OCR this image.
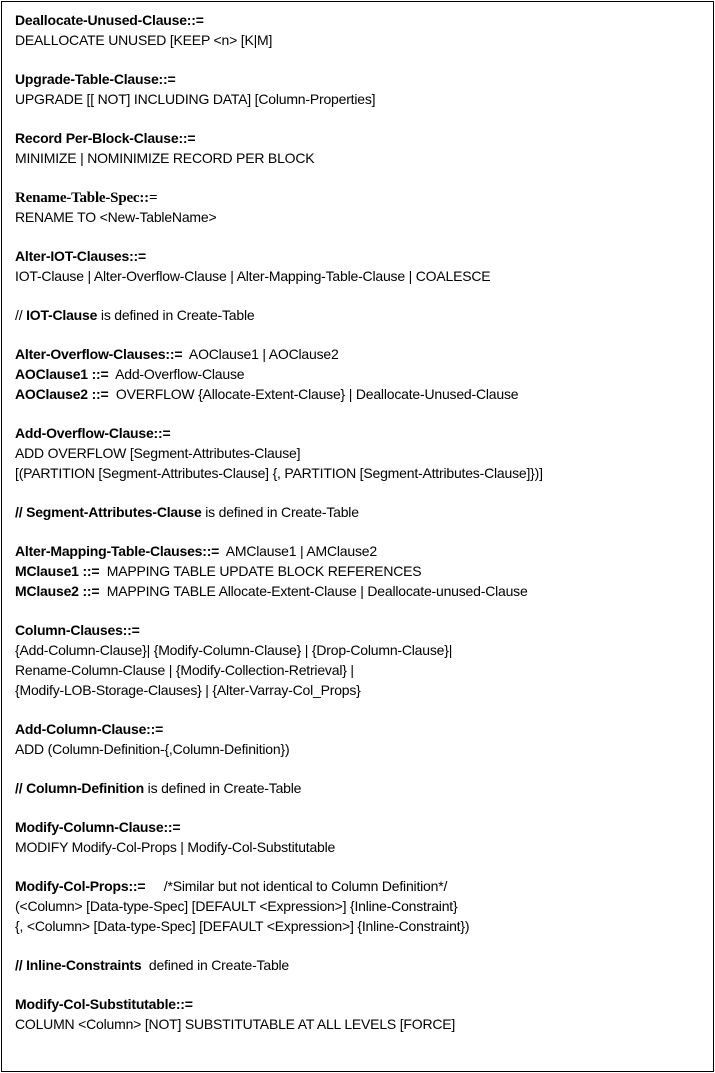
Deallocate-Unused-Clause::=
DEALLOCATE UNUSED [KEEP <n> [K|M]
Upgrade-Table-Clause::=
UPGRADE [[ NOT] INCLUDING DATA] [Column-Properties]
Record Per-Block-Clause::=
MINIMIZE | NOMINIMIZE RECORD PER BLOCK
Rename-Table-Spec::=
RENAME TO <New-TableName>
Alter-IOT-Clauses::=
IOT-Clause | Alter-Overflow-Clause | Alter-Mapping-Table-Clause | COALESCE
// IOT-Clause is defined in Create-Table
Alter-Overflow-Clauses::=  AOClause1 | AOClause2
AOClause1 ::=  Add-Overflow-Clause
AOClause2 ::=  OVERFLOW {Allocate-Extent-Clause} | Deallocate-Unused-Clause
Add-Overflow-Clause::=
ADD OVERFLOW [Segment-Attributes-Clause]
[(PARTITION [Segment-Attributes-Clause] {, PARTITION [Segment-Attributes-Clause]})]
// Segment-Attributes-Clause is defined in Create-Table
Alter-Mapping-Table-Clauses::=  AMClause1 | AMClause2
MClause1 ::=  MAPPING TABLE UPDATE BLOCK REFERENCES
MClause2 ::=  MAPPING TABLE Allocate-Extent-Clause | Deallocate-unused-Clause
Column-Clauses::=
{Add-Column-Clause}| {Modify-Column-Clause} | {Drop-Column-Clause}|
Rename-Column-Clause | {Modify-Collection-Retrieval} |
{Modify-LOB-Storage-Clauses} | {Alter-Varray-Col_Props}
Add-Column-Clause::=
ADD (Column-Definition-{,Column-Definition})
// Column-Definition is defined in Create-Table
Modify-Column-Clause::=
MODIFY Modify-Col-Props | Modify-Col-Substitutable
Modify-Col-Props::=     /*Similar but not identical to Column Definition*/
(<Column> [Data-type-Spec] [DEFAULT <Expression>] {Inline-Constraint}
{, <Column> [Data-type-Spec] [DEFAULT <Expression>] {Inline-Constraint})
// Inline-Constraints  defined in Create-Table
Modify-Col-Substitutable::=
COLUMN <Column> [NOT] SUBSTITUTABLE AT ALL LEVELS [FORCE]
